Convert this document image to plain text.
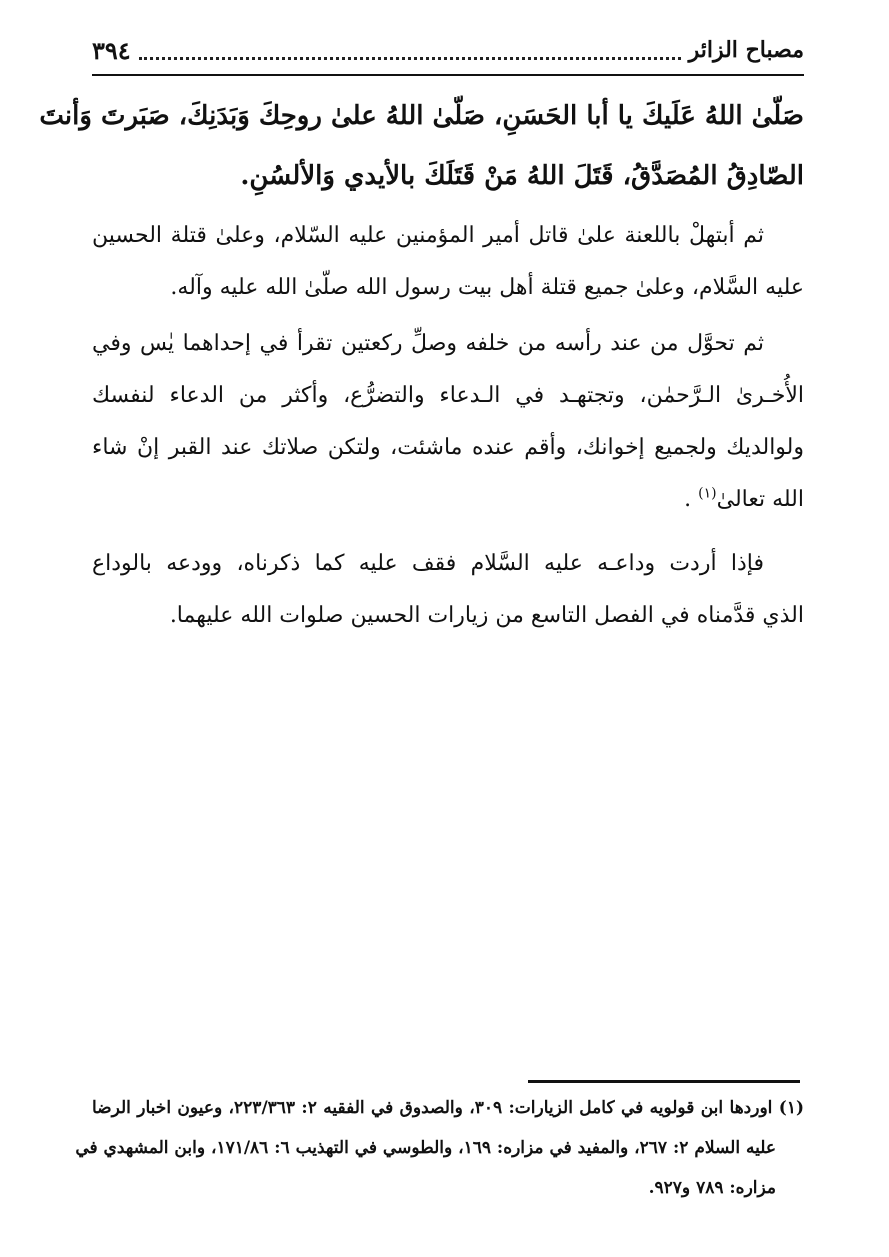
مصباح الزائر
٣٩٤
صَلّىٰ اللهُ عَلَيكَ يا أبا الحَسَنِ، صَلّىٰ اللهُ علىٰ روحِكَ وَبَدَنِكَ، صَبَرتَ وَأنتَ
الصّادِقُ المُصَدَّقُ، قَتَلَ اللهُ مَنْ قَتَلَكَ بالأيدي وَالألسُنِ.
ثم أبتهلْ باللعنة علىٰ قاتل أمير المؤمنين عليه السّلام، وعلىٰ قتلة الحسين
عليه السَّلام، وعلىٰ جميع قتلة أهل بيت رسول الله صلّىٰ الله عليه وآله.
ثم تحوَّل من عند رأسه من خلفه وصلِّ ركعتين تقرأ في إحداهما يٰس وفي
الأُخـرىٰ الـرَّحمٰن، وتجتهـد في الـدعاء والتضرُّع، وأكثر من الدعاء لنفسك
ولوالديك ولجميع إخوانك، وأقم عنده ماشئت، ولتكن صلاتك عند القبر إنْ شاء
الله تعالىٰ$^{(١)}$ .
فإذا أردت وداعـه عليه السَّلام فقف عليه كما ذكرناه، وودعه بالوداع
الذي قدَّمناه في الفصل التاسع من زيارات الحسين صلوات الله عليهما.
(١) اوردها ابن قولويه في كامل الزيارات: ٣٠٩، والصدوق في الفقيه ٢: ٢٢٣/٣٦٣، وعيون اخبار الرضا
عليه السلام ٢: ٢٦٧، والمفيد في مزاره: ١٦٩، والطوسي في التهذيب ٦: ١٧١/٨٦، وابن المشهدي في
مزاره: ٧٨٩ و٩٢٧.
